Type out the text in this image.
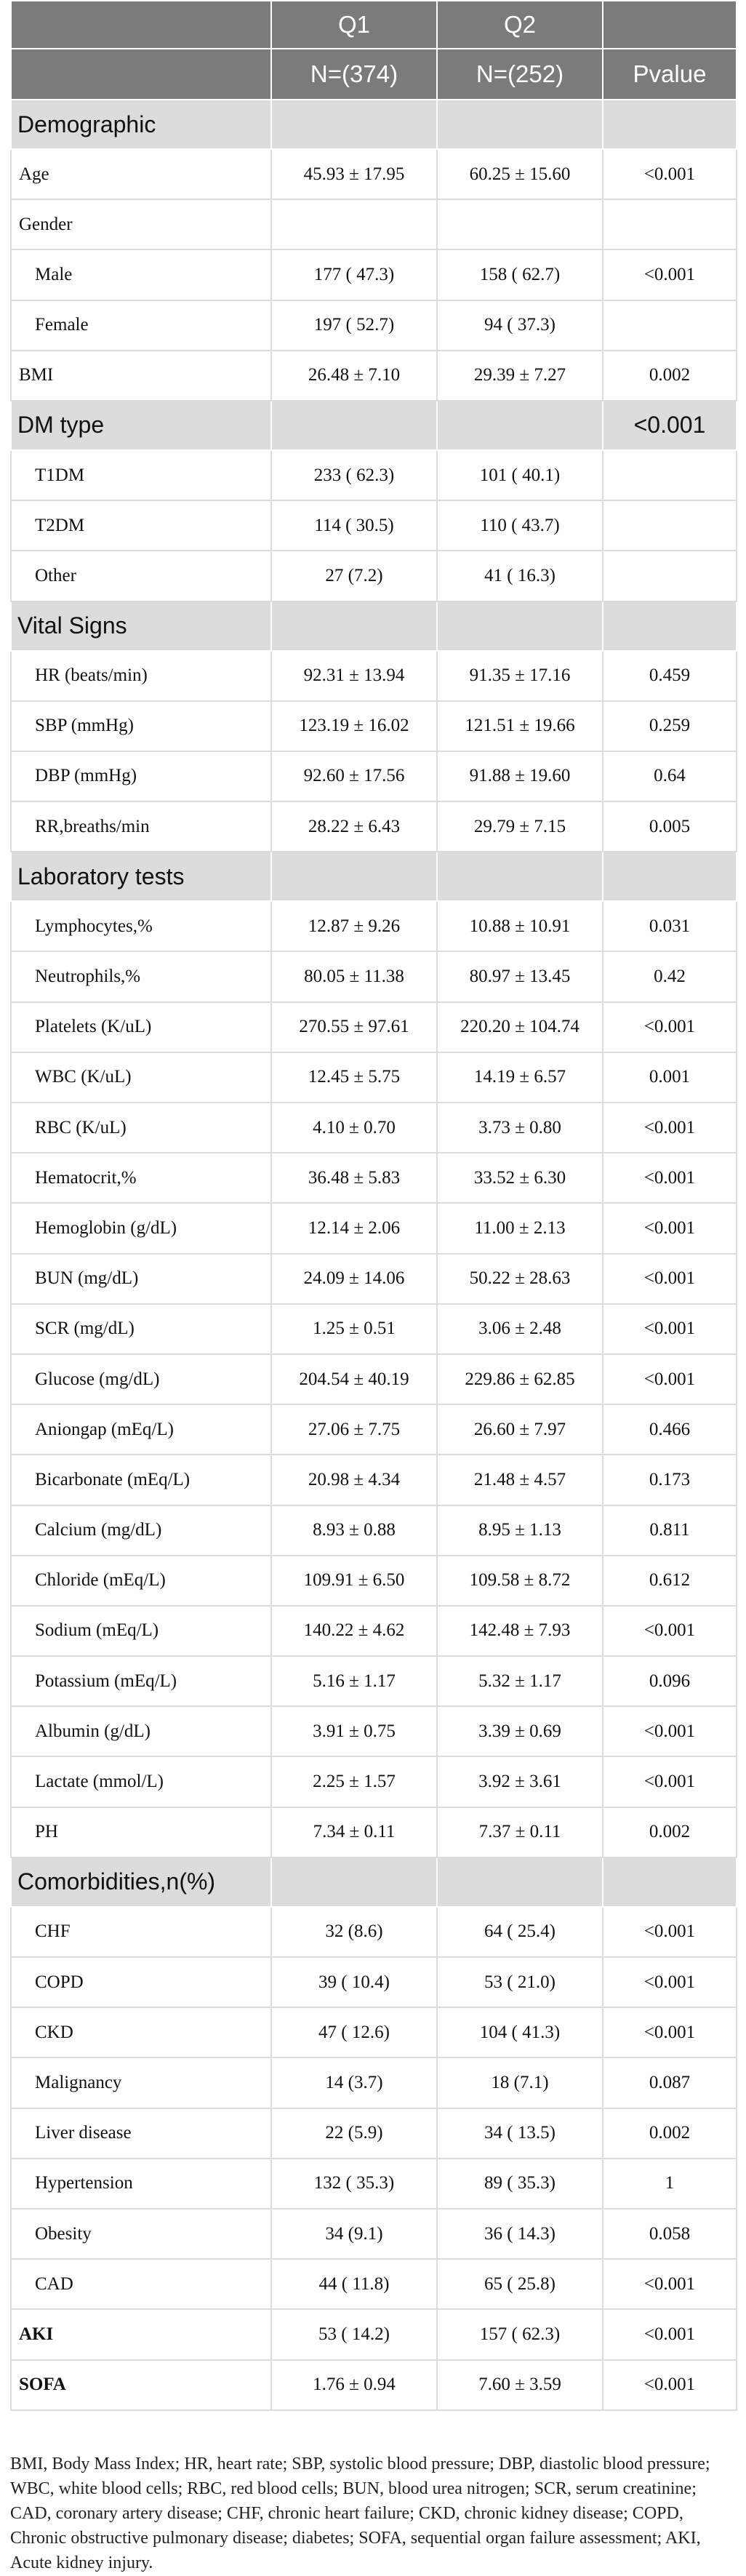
	Q1	Q2	
	N=(374)	N=(252)	Pvalue
Demographic			
Age	45.93 ± 17.95	60.25 ± 15.60	<0.001
Gender			
Male	177 ( 47.3)	158 ( 62.7)	<0.001
Female	197 ( 52.7)	94 ( 37.3)	
BMI	26.48 ± 7.10	29.39 ± 7.27	0.002
DM type			<0.001
T1DM	233 ( 62.3)	101 ( 40.1)	
T2DM	114 ( 30.5)	110 ( 43.7)	
Other	27 (7.2)	41 ( 16.3)	
Vital Signs			
HR (beats/min)	92.31 ± 13.94	91.35 ± 17.16	0.459
SBP (mmHg)	123.19 ± 16.02	121.51 ± 19.66	0.259
DBP (mmHg)	92.60 ± 17.56	91.88 ± 19.60	0.64
RR,breaths/min	28.22 ± 6.43	29.79 ± 7.15	0.005
Laboratory tests			
Lymphocytes,%	12.87 ± 9.26	10.88 ± 10.91	0.031
Neutrophils,%	80.05 ± 11.38	80.97 ± 13.45	0.42
Platelets (K/uL)	270.55 ± 97.61	220.20 ± 104.74	<0.001
WBC (K/uL)	12.45 ± 5.75	14.19 ± 6.57	0.001
RBC (K/uL)	4.10 ± 0.70	3.73 ± 0.80	<0.001
Hematocrit,%	36.48 ± 5.83	33.52 ± 6.30	<0.001
Hemoglobin (g/dL)	12.14 ± 2.06	11.00 ± 2.13	<0.001
BUN (mg/dL)	24.09 ± 14.06	50.22 ± 28.63	<0.001
SCR (mg/dL)	1.25 ± 0.51	3.06 ± 2.48	<0.001
Glucose (mg/dL)	204.54 ± 40.19	229.86 ± 62.85	<0.001
Aniongap (mEq/L)	27.06 ± 7.75	26.60 ± 7.97	0.466
Bicarbonate (mEq/L)	20.98 ± 4.34	21.48 ± 4.57	0.173
Calcium (mg/dL)	8.93 ± 0.88	8.95 ± 1.13	0.811
Chloride (mEq/L)	109.91 ± 6.50	109.58 ± 8.72	0.612
Sodium (mEq/L)	140.22 ± 4.62	142.48 ± 7.93	<0.001
Potassium (mEq/L)	5.16 ± 1.17	5.32 ± 1.17	0.096
Albumin (g/dL)	3.91 ± 0.75	3.39 ± 0.69	<0.001
Lactate (mmol/L)	2.25 ± 1.57	3.92 ± 3.61	<0.001
PH	7.34 ± 0.11	7.37 ± 0.11	0.002
Comorbidities,n(%)			
CHF	32 (8.6)	64 ( 25.4)	<0.001
COPD	39 ( 10.4)	53 ( 21.0)	<0.001
CKD	47 ( 12.6)	104 ( 41.3)	<0.001
Malignancy	14 (3.7)	18 (7.1)	0.087
Liver disease	22 (5.9)	34 ( 13.5)	0.002
Hypertension	132 ( 35.3)	89 ( 35.3)	1
Obesity	34 (9.1)	36 ( 14.3)	0.058
CAD	44 ( 11.8)	65 ( 25.8)	<0.001
AKI	53 ( 14.2)	157 ( 62.3)	<0.001
SOFA	1.76 ± 0.94	7.60 ± 3.59	<0.001
BMI, Body Mass Index; HR, heart rate; SBP, systolic blood pressure; DBP, diastolic blood pressure; WBC, white blood cells; RBC, red blood cells; BUN, blood urea nitrogen; SCR, serum creatinine; CAD, coronary artery disease; CHF, chronic heart failure; CKD, chronic kidney disease; COPD, Chronic obstructive pulmonary disease; diabetes; SOFA, sequential organ failure assessment; AKI, Acute kidney injury.
